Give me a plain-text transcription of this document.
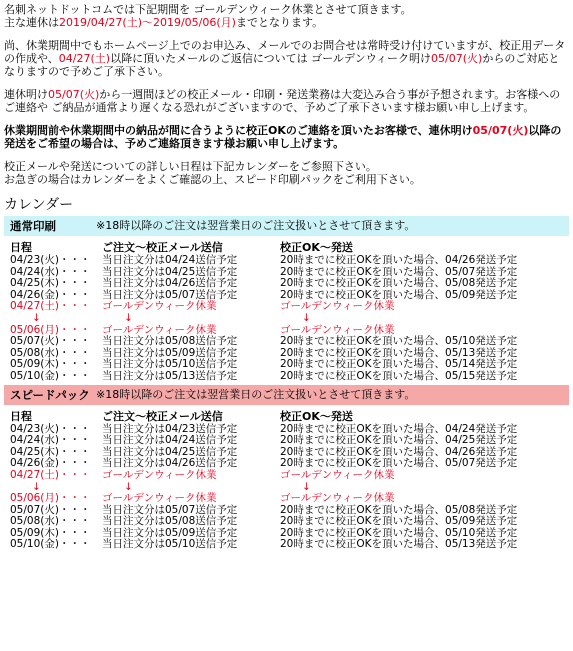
名刺ネットドットコムでは下記期間を ゴールデンウィーク休業とさせて頂きます。
主な連休は2019/04/27(土)〜2019/05/06(月)までとなります。

尚、休業期間中でもホームページ上でのお申込み、メールでのお問合せは常時受け付けていますが、校正用データの作成や、04/27(土)以降に頂いたメールのご返信については ゴールデンウィーク明け05/07(火)からのご対応となりますので予めご了承下さい。

連休明け05/07(火)から一週間ほどの校正メール・印刷・発送業務は大変込み合う事が予想されます。お客様へのご連絡や ご納品が通常より遅くなる恐れがございますので、予めご了承下さいます様お願い申し上げます。

休業期間前や休業期間中の納品が間に合うように校正OKのご連絡を頂いたお客様で、連休明け05/07(火)以降の発送をご希望の場合は、予めご連絡頂きます様お願い申し上げます。

校正メールや発送についての詳しい日程は下記カレンダーをご参照下さい。
お急ぎの場合はカレンダーをよくご確認の上、スピード印刷パックをご利用下さい。

カレンダー
通常印刷	※18時以降のご注文は翌営業日のご注文扱いとさせて頂きます。
日程	ご注文〜校正メール送信	校正OK〜発送
04/23(火)・・・	当日注文分は04/24送信予定	20時までに校正OKを頂いた場合、04/26発送予定
04/24(水)・・・	当日注文分は04/25送信予定	20時までに校正OKを頂いた場合、05/07発送予定
04/25(木)・・・	当日注文分は04/26送信予定	20時までに校正OKを頂いた場合、05/08発送予定
04/26(金)・・・	当日注文分は05/07送信予定	20時までに校正OKを頂いた場合、05/09発送予定
04/27(土)・・・	ゴールデンウィーク休業	ゴールデンウィーク休業
↓	↓	↓
05/06(月)・・・	ゴールデンウィーク休業	ゴールデンウィーク休業
05/07(火)・・・	当日注文分は05/08送信予定	20時までに校正OKを頂いた場合、05/10発送予定
05/08(水)・・・	当日注文分は05/09送信予定	20時までに校正OKを頂いた場合、05/13発送予定
05/09(木)・・・	当日注文分は05/10送信予定	20時までに校正OKを頂いた場合、05/14発送予定
05/10(金)・・・	当日注文分は05/13送信予定	20時までに校正OKを頂いた場合、05/15発送予定
スピードパック ※18時以降のご注文は翌営業日のご注文扱いとさせて頂きます。
日程	ご注文〜校正メール送信	校正OK〜発送
04/23(火)・・・	当日注文分は04/23送信予定	20時までに校正OKを頂いた場合、04/24発送予定
04/24(水)・・・	当日注文分は04/24送信予定	20時までに校正OKを頂いた場合、04/25発送予定
04/25(木)・・・	当日注文分は04/25送信予定	20時までに校正OKを頂いた場合、04/26発送予定
04/26(金)・・・	当日注文分は04/26送信予定	20時までに校正OKを頂いた場合、05/07発送予定
04/27(土)・・・	ゴールデンウィーク休業	ゴールデンウィーク休業
↓	↓	↓
05/06(月)・・・	ゴールデンウィーク休業	ゴールデンウィーク休業
05/07(火)・・・	当日注文分は05/07送信予定	20時までに校正OKを頂いた場合、05/08発送予定
05/08(水)・・・	当日注文分は05/08送信予定	20時までに校正OKを頂いた場合、05/09発送予定
05/09(木)・・・	当日注文分は05/09送信予定	20時までに校正OKを頂いた場合、05/10発送予定
05/10(金)・・・	当日注文分は05/10送信予定	20時までに校正OKを頂いた場合、05/13発送予定
